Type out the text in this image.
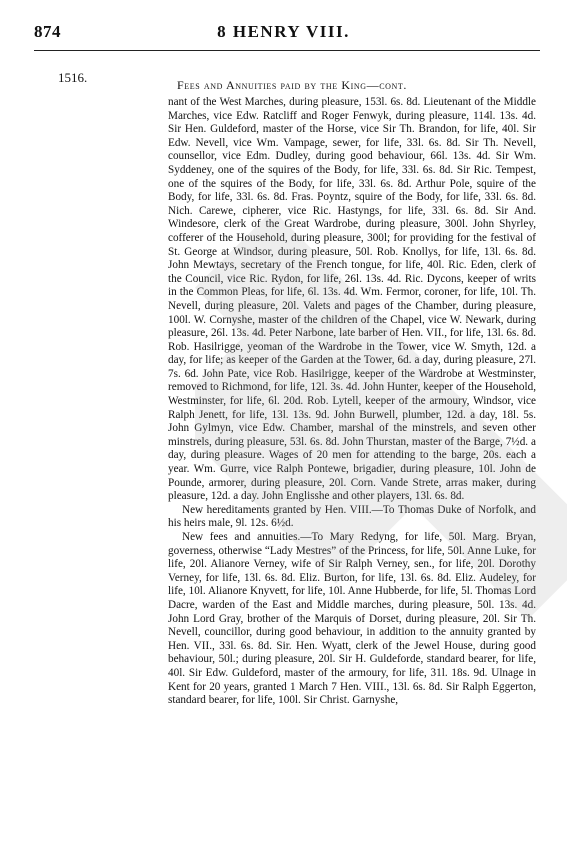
874	8 HENRY VIII.
1516.	Fees and Annuities paid by the King—cont.

nant of the West Marches, during pleasure, 153l. 6s. 8d. Lieutenant of the Middle Marches, vice Edw. Ratcliff and Roger Fenwyk, during pleasure, 114l. 13s. 4d. Sir Hen. Guldeford, master of the Horse, vice Sir Th. Brandon, for life, 40l. Sir Edw. Nevell, vice Wm. Vampage, sewer, for life, 33l. 6s. 8d. Sir Th. Nevell, counsellor, vice Edm. Dudley, during good behaviour, 66l. 13s. 4d. Sir Wm. Syddeney, one of the squires of the Body, for life, 33l. 6s. 8d. Sir Ric. Tempest, one of the squires of the Body, for life, 33l. 6s. 8d. Arthur Pole, squire of the Body, for life, 33l. 6s. 8d. Fras. Poyntz, squire of the Body, for life, 33l. 6s. 8d. Nich. Carewe, cipherer, vice Ric. Hastyngs, for life, 33l. 6s. 8d. Sir And. Windesore, clerk of the Great Wardrobe, during pleasure, 300l. John Shyrley, cofferer of the Household, during pleasure, 300l; for providing for the festival of St. George at Windsor, during pleasure, 50l. Rob. Knollys, for life, 13l. 6s. 8d. John Mewtays, secretary of the French tongue, for life, 40l. Ric. Eden, clerk of the Council, vice Ric. Rydon, for life, 26l. 13s. 4d. Ric. Dycons, keeper of writs in the Common Pleas, for life, 6l. 13s. 4d. Wm. Fermor, coroner, for life, 10l. Th. Nevell, during pleasure, 20l. Valets and pages of the Chamber, during pleasure, 100l. W. Cornyshe, master of the children of the Chapel, vice W. Newark, during pleasure, 26l. 13s. 4d. Peter Narbone, late barber of Hen. VII., for life, 13l. 6s. 8d. Rob. Hasilrigge, yeoman of the Wardrobe in the Tower, vice W. Smyth, 12d. a day, for life; as keeper of the Garden at the Tower, 6d. a day, during pleasure, 27l. 7s. 6d. John Pate, vice Rob. Hasilrigge, keeper of the Wardrobe at Westminster, removed to Richmond, for life, 12l. 3s. 4d. John Hunter, keeper of the Household, Westminster, for life, 6l. 20d. Rob. Lytell, keeper of the armoury, Windsor, vice Ralph Jenett, for life, 13l. 13s. 9d. John Burwell, plumber, 12d. a day, 18l. 5s. John Gylmyn, vice Edw. Chamber, marshal of the minstrels, and seven other minstrels, during pleasure, 53l. 6s. 8d. John Thurstan, master of the Barge, 7½d. a day, during pleasure. Wages of 20 men for attending to the barge, 20s. each a year. Wm. Gurre, vice Ralph Pontewe, brigadier, during pleasure, 10l. John de Pounde, armorer, during pleasure, 20l. Corn. Vande Strete, arras maker, during pleasure, 12d. a day. John Englisshe and other players, 13l. 6s. 8d.

New hereditaments granted by Hen. VIII.—To Thomas Duke of Norfolk, and his heirs male, 9l. 12s. 6½d.

New fees and annuities.—To Mary Redyng, for life, 50l. Marg. Bryan, governess, otherwise “Lady Mestres” of the Princess, for life, 50l. Anne Luke, for life, 20l. Alianore Verney, wife of Sir Ralph Verney, sen., for life, 20l. Dorothy Verney, for life, 13l. 6s. 8d. Eliz. Burton, for life, 13l. 6s. 8d. Eliz. Audeley, for life, 10l. Alianore Knyvett, for life, 10l. Anne Hubberde, for life, 5l. Thomas Lord Dacre, warden of the East and Middle marches, during pleasure, 50l. 13s. 4d. John Lord Gray, brother of the Marquis of Dorset, during pleasure, 20l. Sir Th. Nevell, councillor, during good behaviour, in addition to the annuity granted by Hen. VII., 33l. 6s. 8d. Sir. Hen. Wyatt, clerk of the Jewel House, during good behaviour, 50l.; during pleasure, 20l. Sir H. Guldeforde, standard bearer, for life, 40l. Sir Edw. Guldeford, master of the armoury, for life, 31l. 18s. 9d. Ulnage in Kent for 20 years, granted 1 March 7 Hen. VIII., 13l. 6s. 8d. Sir Ralph Eggerton, standard bearer, for life, 100l. Sir Christ. Garnyshe,
